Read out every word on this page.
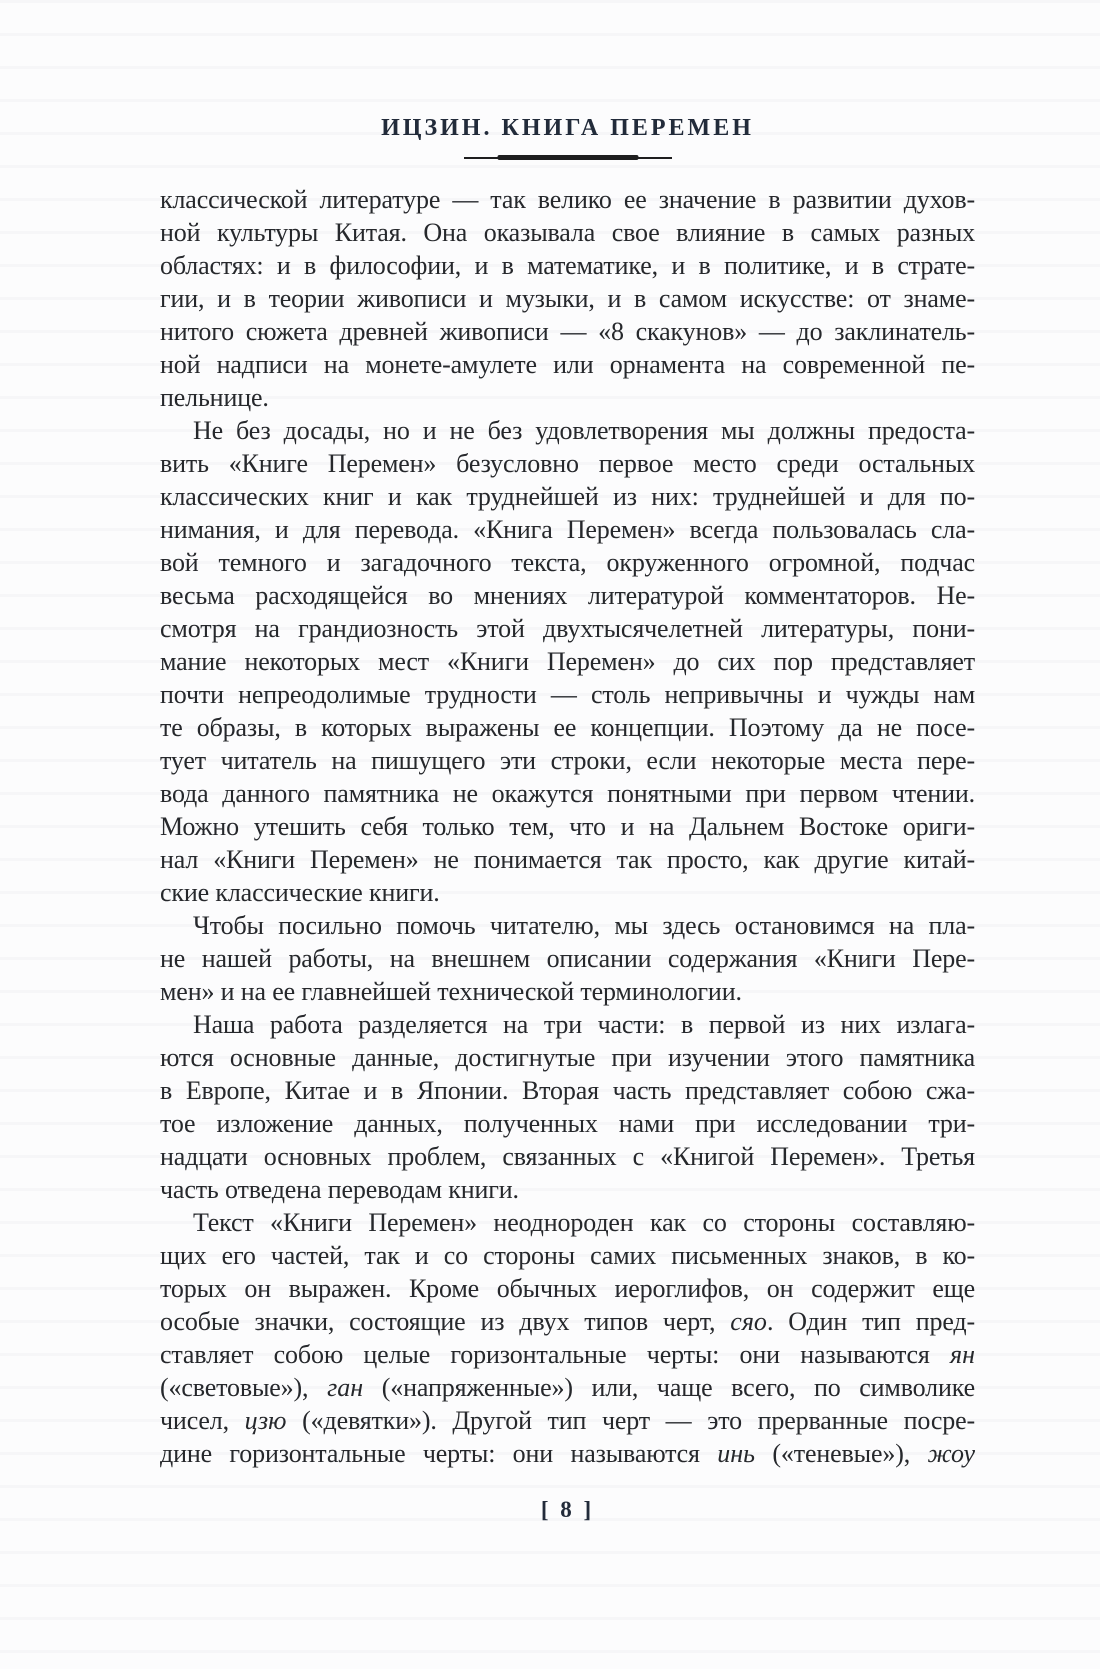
ИЦЗИН. КНИГА ПЕРЕМЕН
классической литературе — так велико ее значение в развитии духов-
ной культуры Китая. Она оказывала свое влияние в самых разных
областях: и в философии, и в математике, и в политике, и в страте-
гии, и в теории живописи и музыки, и в самом искусстве: от знаме-
нитого сюжета древней живописи — «8 скакунов» — до заклинатель-
ной надписи на монете-амулете или орнамента на современной пе-
пельнице.
Не без досады, но и не без удовлетворения мы должны предоста-
вить «Книге Перемен» безусловно первое место среди остальных
классических книг и как труднейшей из них: труднейшей и для по-
нимания, и для перевода. «Книга Перемен» всегда пользовалась сла-
вой темного и загадочного текста, окруженного огромной, подчас
весьма расходящейся во мнениях литературой комментаторов. Не-
смотря на грандиозность этой двухтысячелетней литературы, пони-
мание некоторых мест «Книги Перемен» до сих пор представляет
почти непреодолимые трудности — столь непривычны и чужды нам
те образы, в которых выражены ее концепции. Поэтому да не посе-
тует читатель на пишущего эти строки, если некоторые места пере-
вода данного памятника не окажутся понятными при первом чтении.
Можно утешить себя только тем, что и на Дальнем Востоке ориги-
нал «Книги Перемен» не понимается так просто, как другие китай-
ские классические книги.
Чтобы посильно помочь читателю, мы здесь остановимся на пла-
не нашей работы, на внешнем описании содержания «Книги Пере-
мен» и на ее главнейшей технической терминологии.
Наша работа разделяется на три части: в первой из них излага-
ются основные данные, достигнутые при изучении этого памятника
в Европе, Китае и в Японии. Вторая часть представляет собою сжа-
тое изложение данных, полученных нами при исследовании три-
надцати основных проблем, связанных с «Книгой Перемен». Третья
часть отведена переводам книги.
Текст «Книги Перемен» неоднороден как со стороны составляю-
щих его частей, так и со стороны самих письменных знаков, в ко-
торых он выражен. Кроме обычных иероглифов, он содержит еще
особые значки, состоящие из двух типов черт, сяо. Один тип пред-
ставляет собою целые горизонтальные черты: они называются ян
(«световые»), ган («напряженные») или, чаще всего, по символике
чисел, цзю («девятки»). Другой тип черт — это прерванные посре-
дине горизонтальные черты: они называются инь («теневые»), жоу
[ 8 ]
